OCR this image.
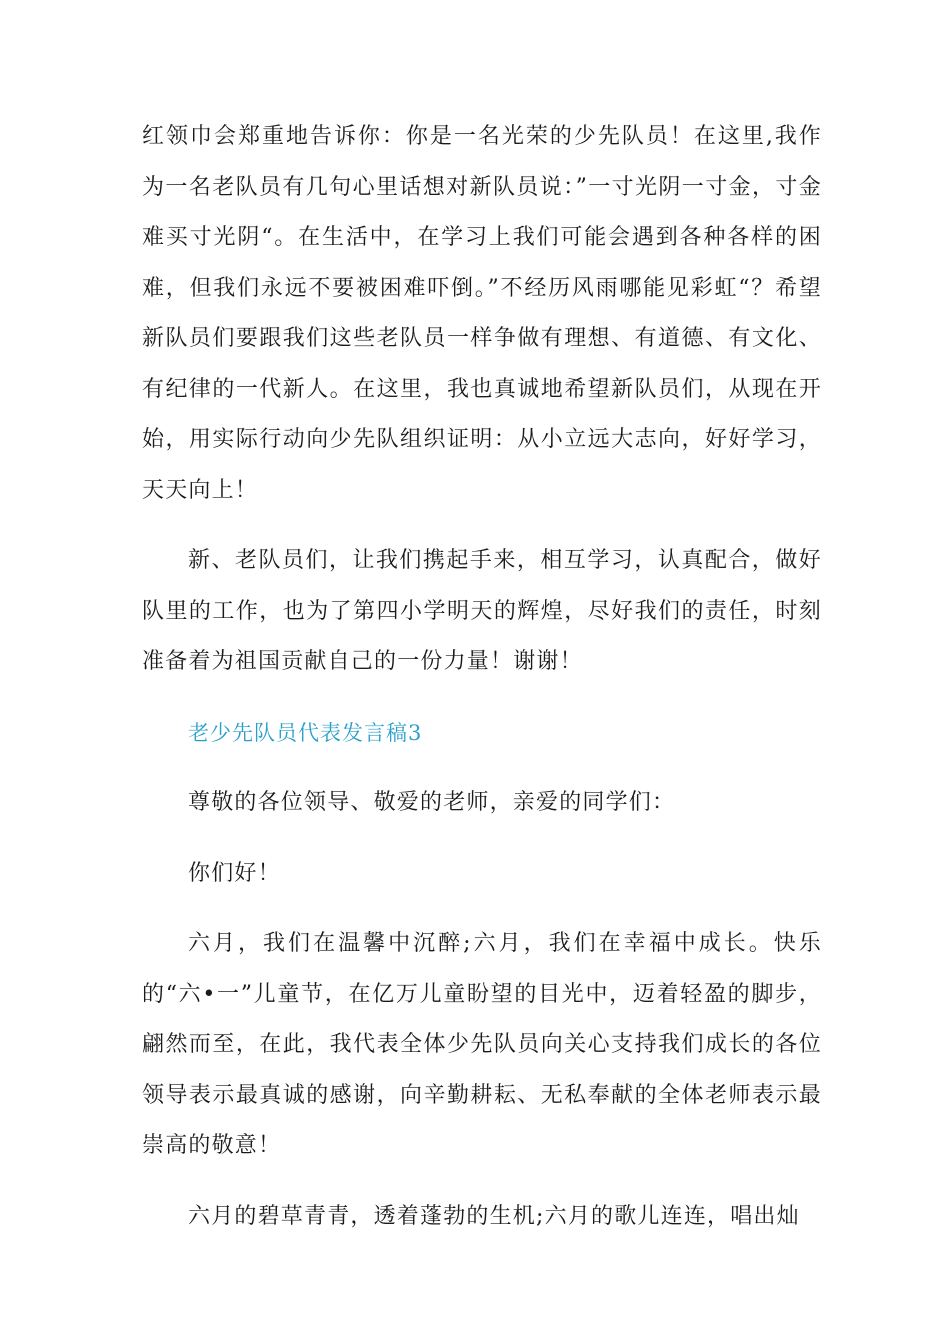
红领巾会郑重地告诉你：你是一名光荣的少先队员！在这里,我作为一名老队员有几句心里话想对新队员说：”一寸光阴一寸金，寸金难买寸光阴“。在生活中，在学习上我们可能会遇到各种各样的困难，但我们永远不要被困难吓倒。”不经历风雨哪能见彩虹“？希望新队员们要跟我们这些老队员一样争做有理想、有道德、有文化、有纪律的一代新人。在这里，我也真诚地希望新队员们，从现在开始，用实际行动向少先队组织证明：从小立远大志向，好好学习，天天向上！

新、老队员们，让我们携起手来，相互学习，认真配合，做好队里的工作，也为了第四小学明天的辉煌，尽好我们的责任，时刻准备着为祖国贡献自己的一份力量！谢谢！

老少先队员代表发言稿3

尊敬的各位领导、敬爱的老师，亲爱的同学们：

你们好！

六月，我们在温馨中沉醉;六月，我们在幸福中成长。快乐的“六•一”儿童节，在亿万儿童盼望的目光中，迈着轻盈的脚步，翩然而至，在此，我代表全体少先队员向关心支持我们成长的各位领导表示最真诚的感谢，向辛勤耕耘、无私奉献的全体老师表示最崇高的敬意！

六月的碧草青青，透着蓬勃的生机;六月的歌儿连连，唱出灿
